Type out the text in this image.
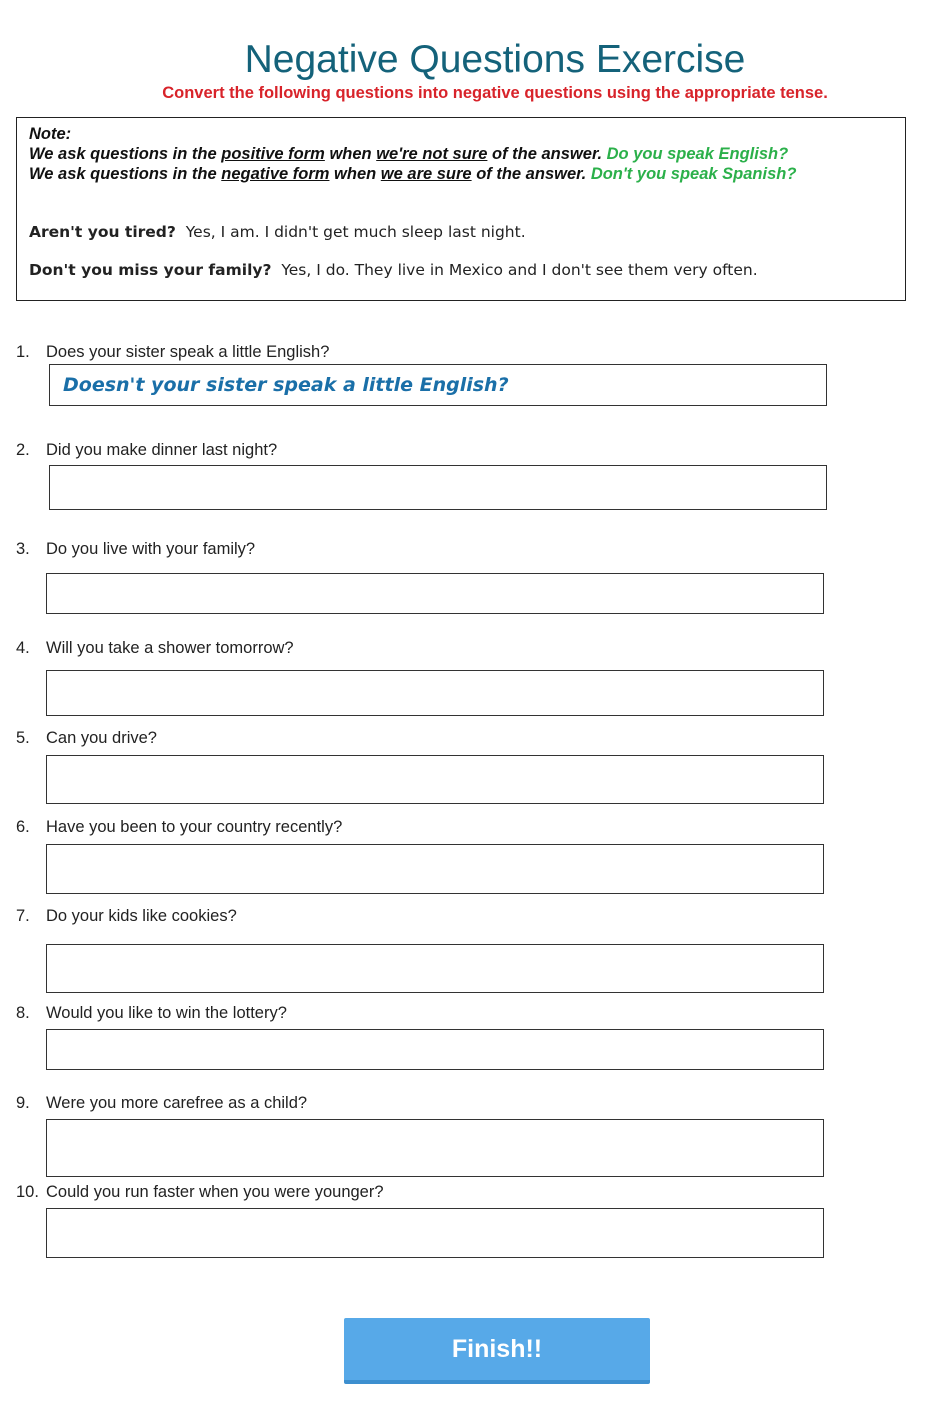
Negative Questions Exercise
Convert the following questions into negative questions using the appropriate tense.
Note:
We ask questions in the positive form when we're not sure of the answer. Do you speak English?
We ask questions in the negative form when we are sure of the answer. Don't you speak Spanish?
Aren't you tired? Yes, I am. I didn't get much sleep last night.
Don't you miss your family? Yes, I do. They live in Mexico and I don't see them very often.
1. Does your sister speak a little English?
Doesn't your sister speak a little English?
2. Did you make dinner last night?
3. Do you live with your family?
4. Will you take a shower tomorrow?
5. Can you drive?
6. Have you been to your country recently?
7. Do your kids like cookies?
8. Would you like to win the lottery?
9. Were you more carefree as a child?
10. Could you run faster when you were younger?
Finish!!
